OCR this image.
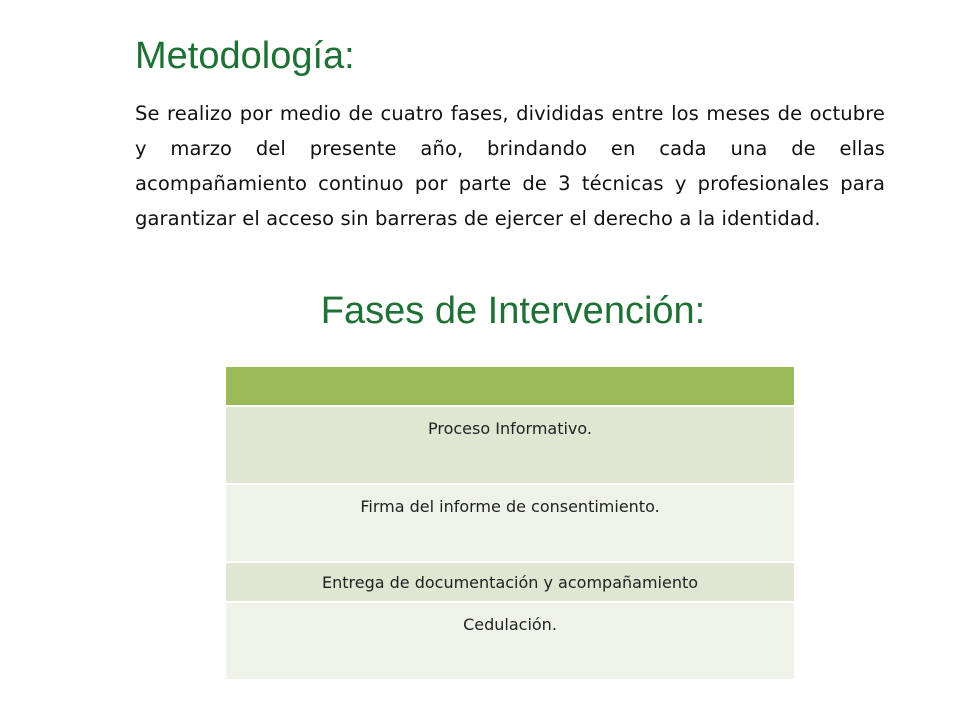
Metodología:

Se realizo por medio de cuatro fases, divididas entre los meses de octubre y marzo del presente año, brindando en cada una de ellas acompañamiento continuo por parte de 3 técnicas y profesionales para garantizar el acceso sin barreras de ejercer el derecho a la identidad.

Fases de Intervención:

Proceso Informativo.
Firma del informe de consentimiento.
Entrega de documentación y acompañamiento
Cedulación.
